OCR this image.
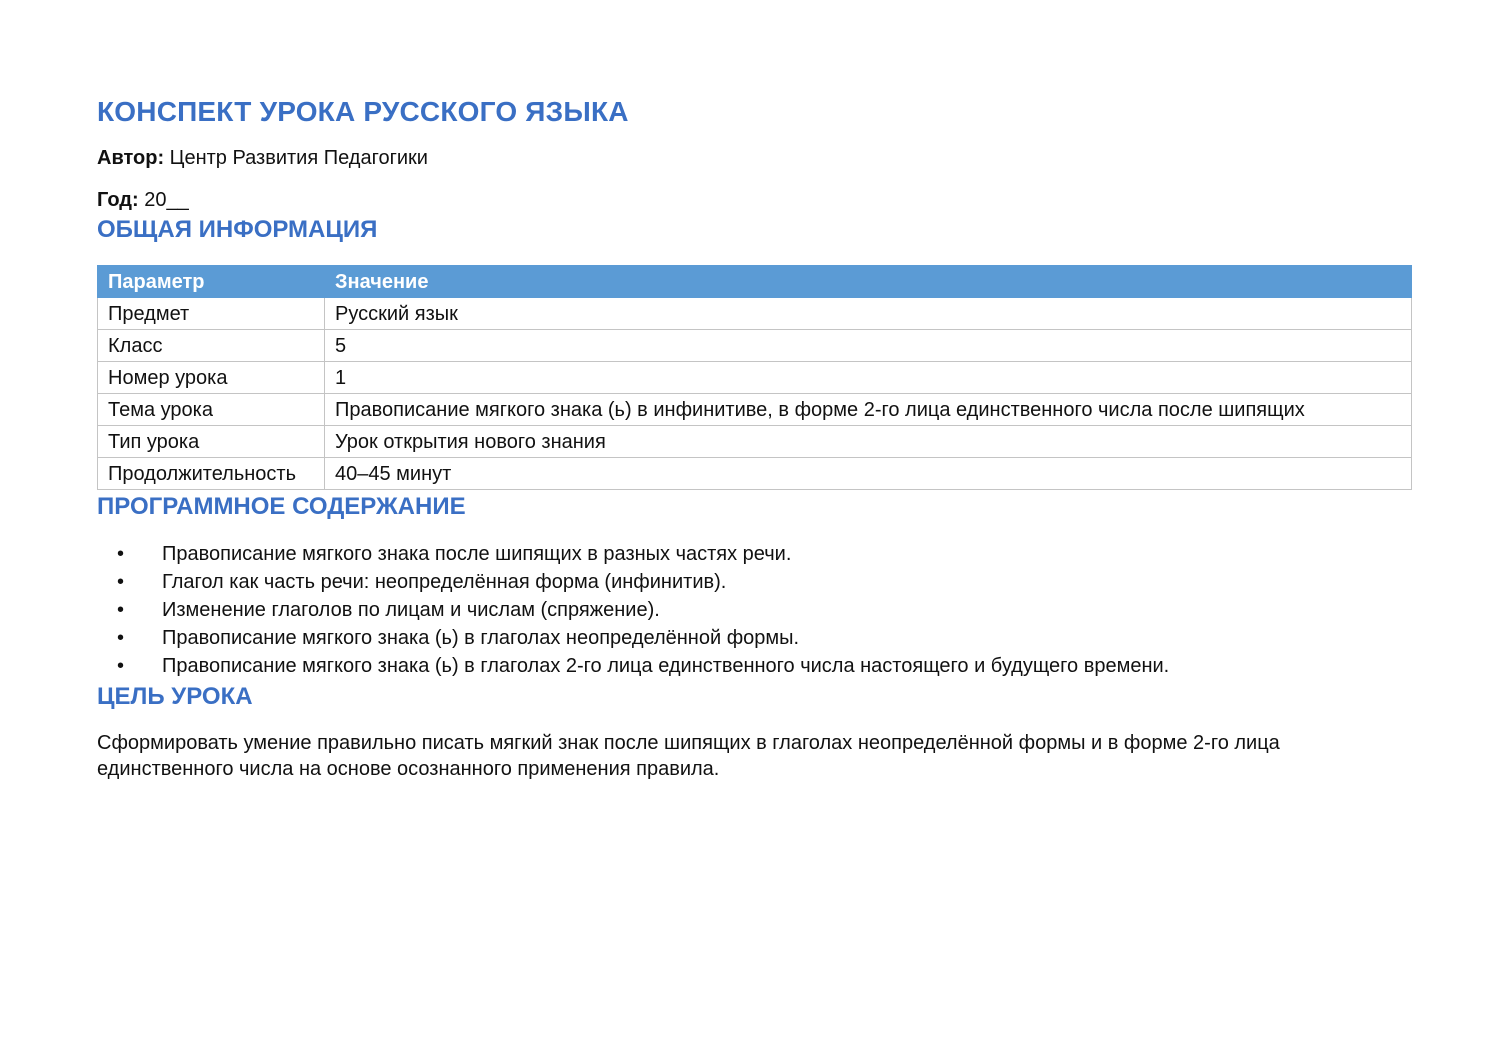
КОНСПЕКТ УРОКА РУССКОГО ЯЗЫКА

Автор: Центр Развития Педагогики

Год: 20__

ОБЩАЯ ИНФОРМАЦИЯ
Параметр	Значение
Предмет	Русский язык
Класс	5
Номер урока	1
Тема урока	Правописание мягкого знака (ь) в инфинитиве, в форме 2-го лица единственного числа после шипящих
Тип урока	Урок открытия нового знания
Продолжительность	40–45 минут
ПРОГРАММНОЕ СОДЕРЖАНИЕ
• Правописание мягкого знака после шипящих в разных частях речи.
• Глагол как часть речи: неопределённая форма (инфинитив).
• Изменение глаголов по лицам и числам (спряжение).
• Правописание мягкого знака (ь) в глаголах неопределённой формы.
• Правописание мягкого знака (ь) в глаголах 2-го лица единственного числа настоящего и будущего времени.
ЦЕЛЬ УРОКА

Сформировать умение правильно писать мягкий знак после шипящих в глаголах неопределённой формы и в форме 2-го лица единственного числа на основе осознанного применения правила.
